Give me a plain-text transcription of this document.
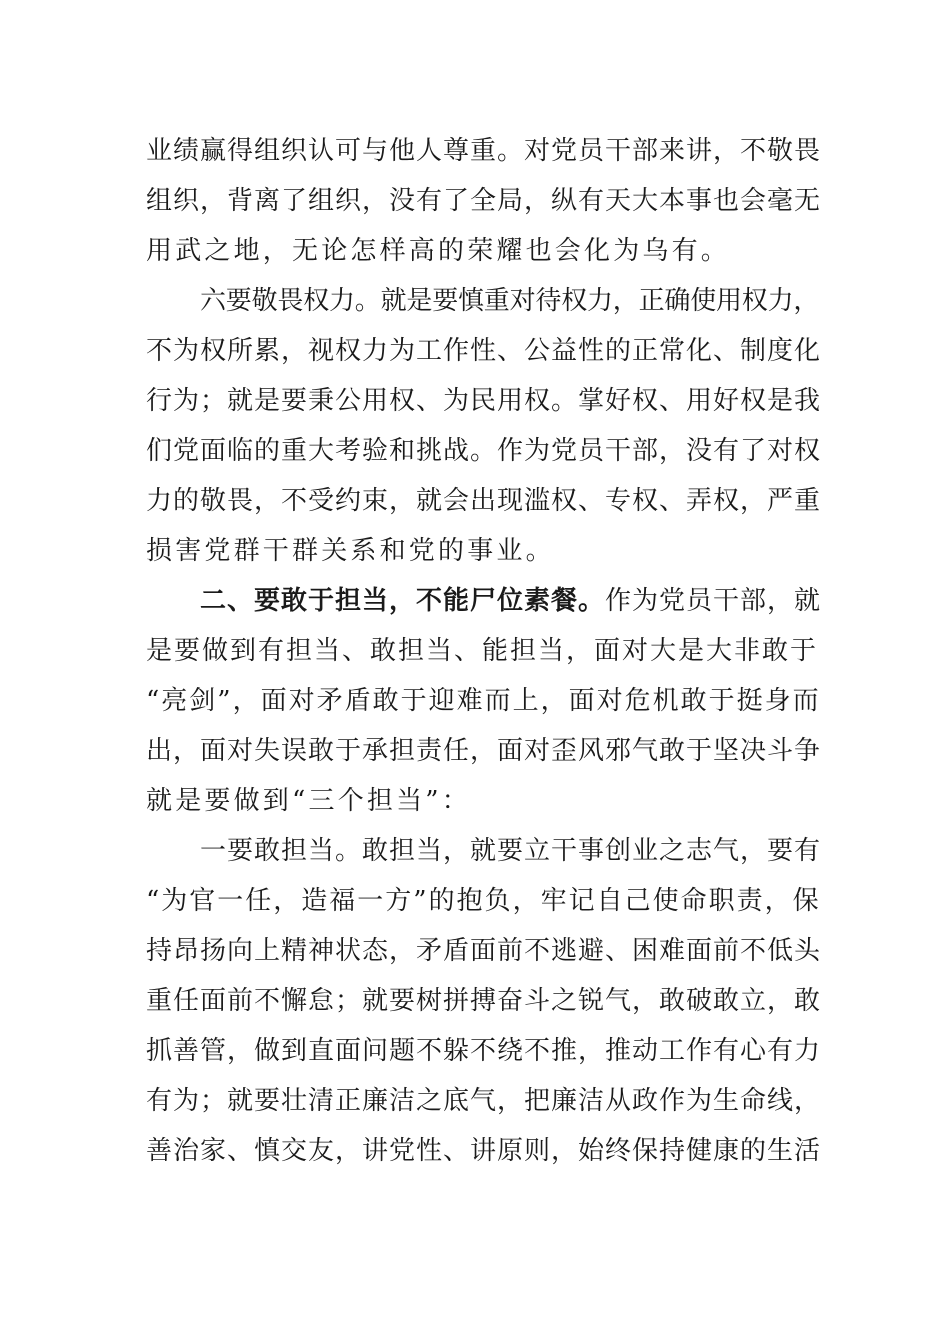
业绩赢得组织认可与他人尊重。对党员干部来讲，不敬畏
组织，背离了组织，没有了全局，纵有天大本事也会毫无
用武之地，无论怎样高的荣耀也会化为乌有。
六要敬畏权力。就是要慎重对待权力，正确使用权力，
不为权所累，视权力为工作性、公益性的正常化、制度化
行为；就是要秉公用权、为民用权。掌好权、用好权是我
们党面临的重大考验和挑战。作为党员干部，没有了对权
力的敬畏，不受约束，就会出现滥权、专权、弄权，严重
损害党群干群关系和党的事业。
二、要敢于担当，不能尸位素餐。作为党员干部，就
是要做到有担当、敢担当、能担当，面对大是大非敢于
“亮剑”，面对矛盾敢于迎难而上，面对危机敢于挺身而
出，面对失误敢于承担责任，面对歪风邪气敢于坚决斗争
就是要做到“三个担当”：
一要敢担当。敢担当，就要立干事创业之志气，要有
“为官一任，造福一方”的抱负，牢记自己使命职责，保
持昂扬向上精神状态，矛盾面前不逃避、困难面前不低头
重任面前不懈怠；就要树拼搏奋斗之锐气，敢破敢立，敢
抓善管，做到直面问题不躲不绕不推，推动工作有心有力
有为；就要壮清正廉洁之底气，把廉洁从政作为生命线，
善治家、慎交友，讲党性、讲原则，始终保持健康的生活
